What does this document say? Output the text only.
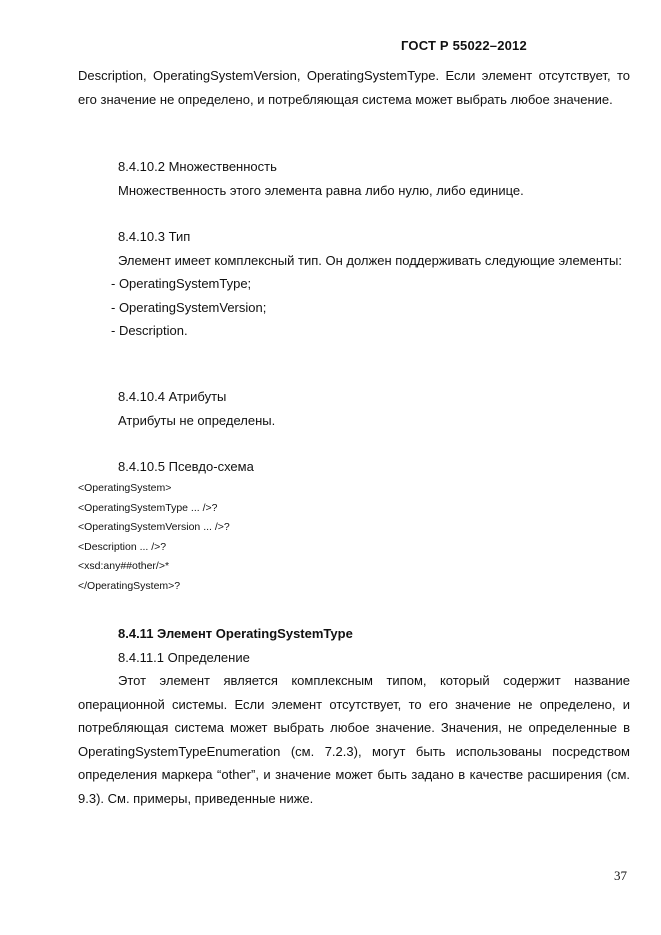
ГОСТ Р 55022–2012

Description, OperatingSystemVersion, OperatingSystemType. Если элемент отсутствует, то его значение не определено, и потребляющая система может выбрать любое значение.

8.4.10.2 Множественность

Множественность этого элемента равна либо нулю, либо единице.

8.4.10.3 Тип

Элемент имеет комплексный тип. Он должен поддерживать следующие элементы:

- OperatingSystemType;

- OperatingSystemVersion;

- Description.

8.4.10.4 Атрибуты

Атрибуты не определены.

8.4.10.5 Псевдо-схема

<OperatingSystem>
<OperatingSystemType ... />?
<OperatingSystemVersion ... />?
<Description ... />?
<xsd:any##other/>*
</OperatingSystem>?

8.4.11 Элемент OperatingSystemType

8.4.11.1 Определение

Этот элемент является комплексным типом, который содержит название операционной системы. Если элемент отсутствует, то его значение не определено, и потребляющая система может выбрать любое значение. Значения, не определенные в OperatingSystemTypeEnumeration (см. 7.2.3), могут быть использованы посредством определения маркера “other”, и значение может быть задано в качестве расширения (см. 9.3). См. примеры, приведенные ниже.

37
